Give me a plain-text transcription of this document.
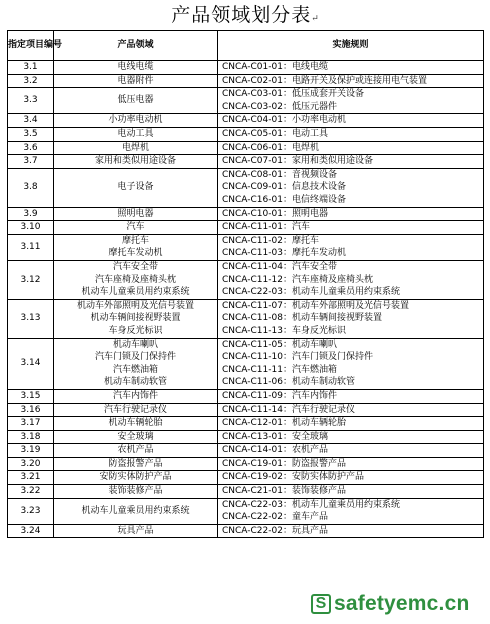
产品领域划分表↵
指定项目编号	产品领域	实施规则
3.1	电线电缆	CNCA-C01-01：电线电缆

3.2	电器附件	CNCA-C02-01：电路开关及保护或连接用电气装置

3.3	低压电器	CNCA-C03-01：低压成套开关设备
CNCA-C03-02：低压元器件

3.4	小功率电动机	CNCA-C04-01：小功率电动机

3.5	电动工具	CNCA-C05-01：电动工具

3.6	电焊机	CNCA-C06-01：电焊机

3.7	家用和类似用途设备	CNCA-C07-01：家用和类似用途设备

3.8	电子设备	CNCA-C08-01：音视频设备
CNCA-C09-01：信息技术设备
CNCA-C16-01：电信终端设备

3.9	照明电器	CNCA-C10-01：照明电器

3.10	汽车	CNCA-C11-01：汽车

3.11	摩托车
摩托车发动机	CNCA-C11-02：摩托车
CNCA-C11-03：摩托车发动机

3.12	汽车安全带
汽车座椅及座椅头枕
机动车儿童乘员用约束系统	CNCA-C11-04：汽车安全带
CNCA-C11-12：汽车座椅及座椅头枕
CNCA-C22-03：机动车儿童乘员用约束系统

3.13	机动车外部照明及光信号装置
机动车辆间接视野装置
车身反光标识	CNCA-C11-07：机动车外部照明及光信号装置
CNCA-C11-08：机动车辆间接视野装置
CNCA-C11-13：车身反光标识

3.14	机动车喇叭
汽车门锁及门保持件
汽车燃油箱
机动车制动软管	CNCA-C11-05：机动车喇叭
CNCA-C11-10：汽车门锁及门保持件
CNCA-C11-11：汽车燃油箱
CNCA-C11-06：机动车制动软管

3.15	汽车内饰件	CNCA-C11-09：汽车内饰件

3.16	汽车行驶记录仪	CNCA-C11-14：汽车行驶记录仪

3.17	机动车辆轮胎	CNCA-C12-01：机动车辆轮胎

3.18	安全玻璃	CNCA-C13-01：安全玻璃

3.19	农机产品	CNCA-C14-01：农机产品

3.20	防盗报警产品	CNCA-C19-01：防盗报警产品

3.21	安防实体防护产品	CNCA-C19-02：安防实体防护产品

3.22	装饰装修产品	CNCA-C21-01：装饰装修产品

3.23	机动车儿童乘员用约束系统	CNCA-C22-03：机动车儿童乘员用约束系统
CNCA-C22-02：童车产品

3.24	玩具产品	CNCA-C22-02：玩具产品
S safetyemc.cn
